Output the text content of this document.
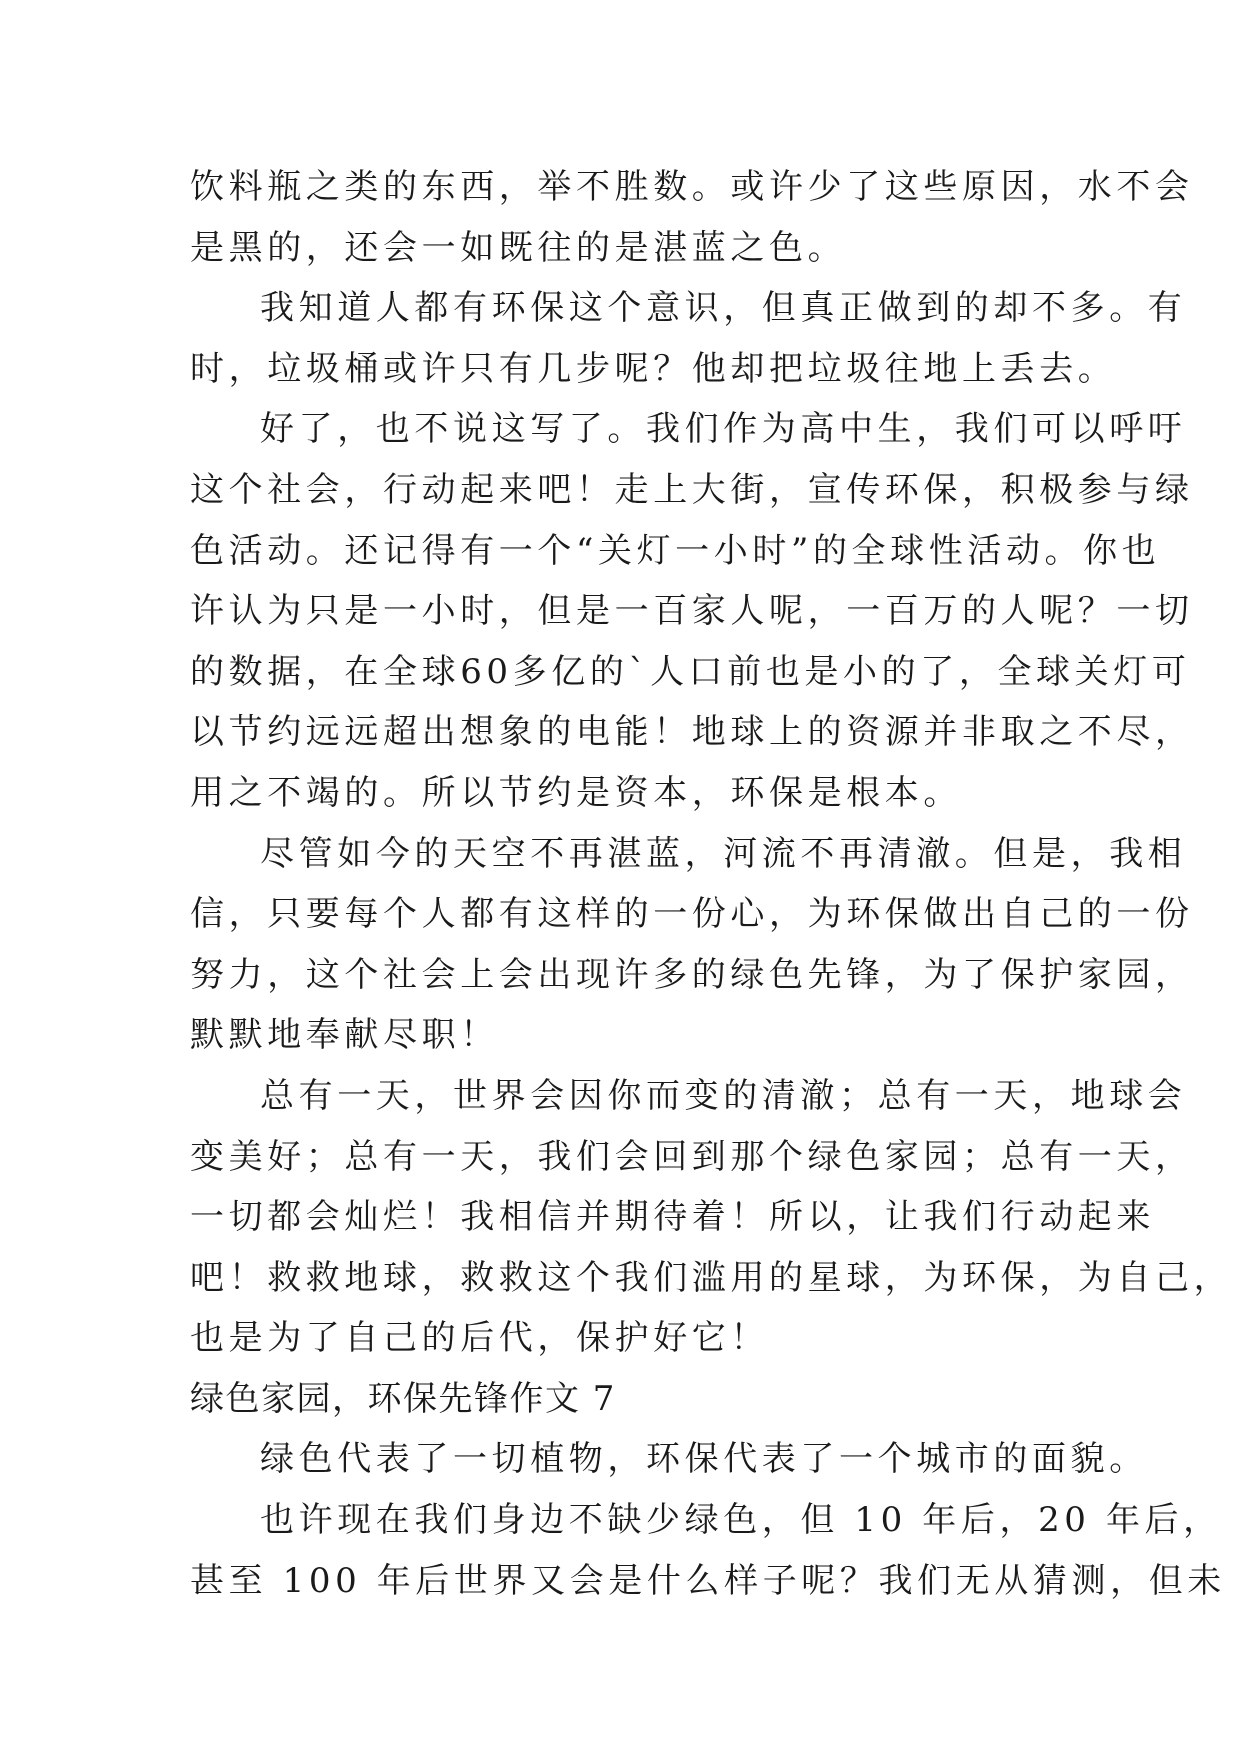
饮料瓶之类的东西，举不胜数。或许少了这些原因，水不会
是黑的，还会一如既往的是湛蓝之色。
我知道人都有环保这个意识，但真正做到的却不多。有
时，垃圾桶或许只有几步呢？他却把垃圾往地上丢去。
好了，也不说这写了。我们作为高中生，我们可以呼吁
这个社会，行动起来吧！走上大街，宣传环保，积极参与绿
色活动。还记得有一个“关灯一小时”的全球性活动。你也
许认为只是一小时，但是一百家人呢，一百万的人呢？一切
的数据，在全球60多亿的`人口前也是小的了，全球关灯可
以节约远远超出想象的电能！地球上的资源并非取之不尽，
用之不竭的。所以节约是资本，环保是根本。
尽管如今的天空不再湛蓝，河流不再清澈。但是，我相
信，只要每个人都有这样的一份心，为环保做出自己的一份
努力，这个社会上会出现许多的绿色先锋，为了保护家园，
默默地奉献尽职！
总有一天，世界会因你而变的清澈；总有一天，地球会
变美好；总有一天，我们会回到那个绿色家园；总有一天，
一切都会灿烂！我相信并期待着！所以，让我们行动起来
吧！救救地球，救救这个我们滥用的星球，为环保，为自己，
也是为了自己的后代，保护好它！
绿色家园，环保先锋作文 7
绿色代表了一切植物，环保代表了一个城市的面貌。
也许现在我们身边不缺少绿色，但 10 年后，20 年后，
甚至 100 年后世界又会是什么样子呢？我们无从猜测，但未
